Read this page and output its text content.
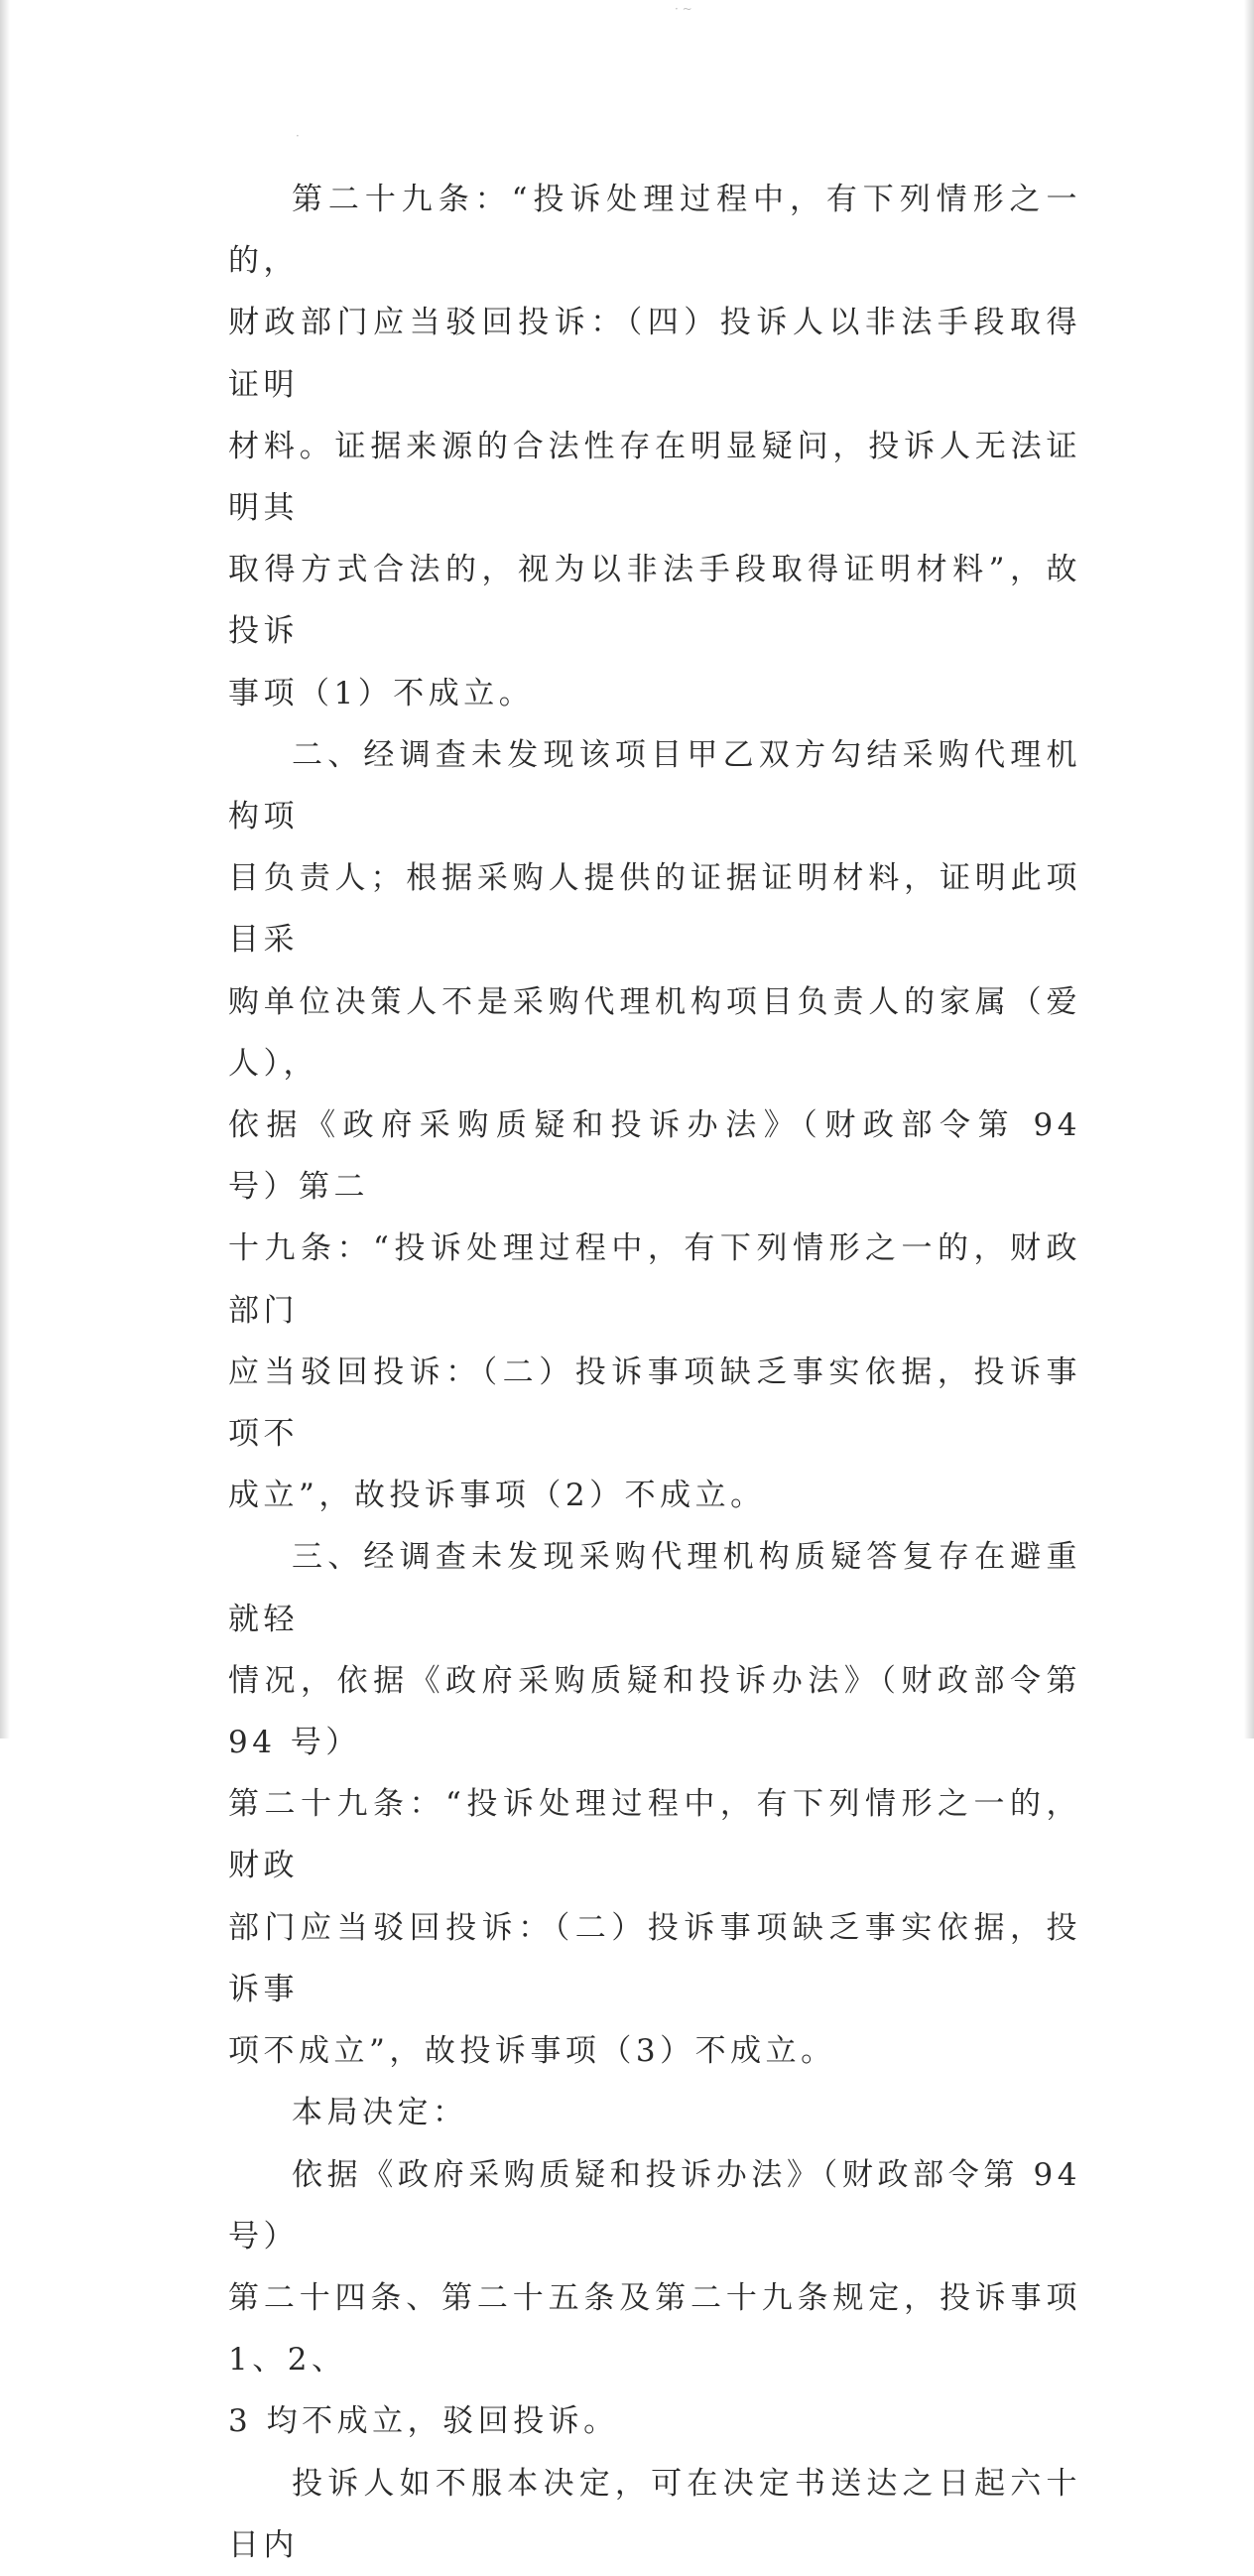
· ~
·

第二十九条：“投诉处理过程中，有下列情形之一的，
财政部门应当驳回投诉：（四）投诉人以非法手段取得证明
材料。证据来源的合法性存在明显疑问，投诉人无法证明其
取得方式合法的，视为以非法手段取得证明材料”，故投诉
事项（1）不成立。

二、经调查未发现该项目甲乙双方勾结采购代理机构项
目负责人；根据采购人提供的证据证明材料，证明此项目采
购单位决策人不是采购代理机构项目负责人的家属（爱人），
依据《政府采购质疑和投诉办法》（财政部令第 94 号）第二
十九条：“投诉处理过程中，有下列情形之一的，财政部门
应当驳回投诉：（二）投诉事项缺乏事实依据，投诉事项不
成立”，故投诉事项（2）不成立。

三、经调查未发现采购代理机构质疑答复存在避重就轻
情况，依据《政府采购质疑和投诉办法》（财政部令第 94 号）
第二十九条：“投诉处理过程中，有下列情形之一的，财政
部门应当驳回投诉：（二）投诉事项缺乏事实依据，投诉事
项不成立”，故投诉事项（3）不成立。

本局决定：

依据《政府采购质疑和投诉办法》（财政部令第 94 号）
第二十四条、第二十五条及第二十九条规定，投诉事项 1、2、
3 均不成立，驳回投诉。

投诉人如不服本决定，可在决定书送达之日起六十日内
